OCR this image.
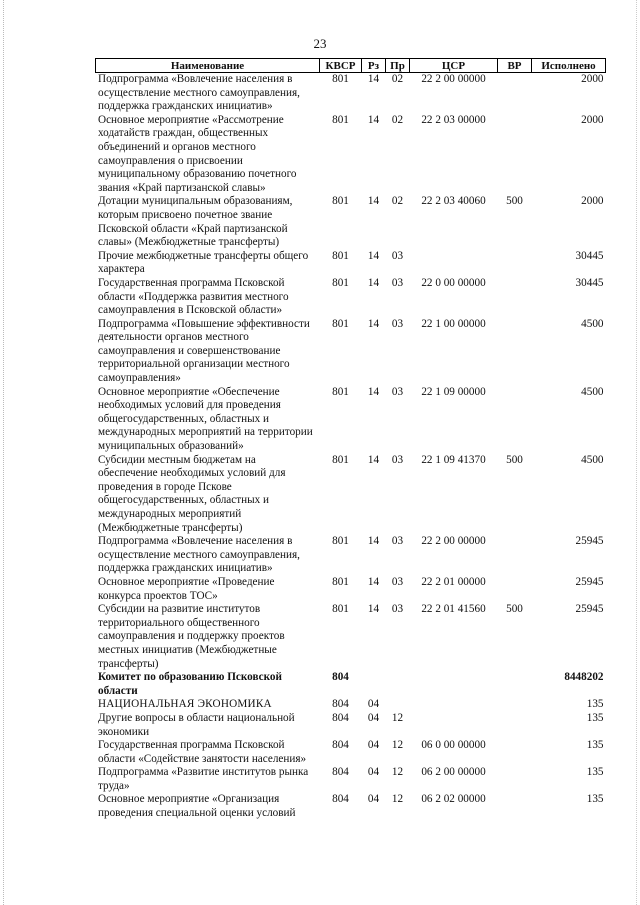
23
Наименование	КВСР	Рз	Пр	ЦСР	ВР	Исполнено
Подпрограмма «Вовлечение населения в осуществление местного самоуправления, поддержка гражданских инициатив»	801	14	02	22 2 00 00000		2000
Основное мероприятие «Рассмотрение ходатайств граждан, общественных объединений и органов местного самоуправления о присвоении муниципальному образованию почетного звания «Край партизанской славы»	801	14	02	22 2 03 00000		2000
Дотации муниципальным образованиям, которым присвоено почетное звание Псковской области «Край партизанской славы» (Межбюджетные трансферты)	801	14	02	22 2 03 40060	500	2000
Прочие межбюджетные трансферты общего характера	801	14	03			30445
Государственная программа Псковской области «Поддержка развития местного самоуправления в Псковской области»	801	14	03	22 0 00 00000		30445
Подпрограмма «Повышение эффективности деятельности органов местного самоуправления и совершенствование территориальной организации местного самоуправления»	801	14	03	22 1 00 00000		4500
Основное мероприятие «Обеспечение необходимых условий для проведения общегосударственных, областных и международных мероприятий на территории муниципальных образований»	801	14	03	22 1 09 00000		4500
Субсидии местным бюджетам на обеспечение необходимых условий для проведения в городе Пскове общегосударственных, областных и международных мероприятий (Межбюджетные трансферты)	801	14	03	22 1 09 41370	500	4500
Подпрограмма «Вовлечение населения в осуществление местного самоуправления, поддержка гражданских инициатив»	801	14	03	22 2 00 00000		25945
Основное мероприятие «Проведение конкурса проектов ТОС»	801	14	03	22 2 01 00000		25945
Субсидии на развитие институтов территориального общественного самоуправления и поддержку проектов местных инициатив (Межбюджетные трансферты)	801	14	03	22 2 01 41560	500	25945
Комитет по образованию Псковской области	804					8448202
НАЦИОНАЛЬНАЯ ЭКОНОМИКА	804	04				135
Другие вопросы в области национальной экономики	804	04	12			135
Государственная программа Псковской области «Содействие занятости населения»	804	04	12	06 0 00 00000		135
Подпрограмма «Развитие институтов рынка труда»	804	04	12	06 2 00 00000		135
Основное мероприятие «Организация проведения специальной оценки условий	804	04	12	06 2 02 00000		135
